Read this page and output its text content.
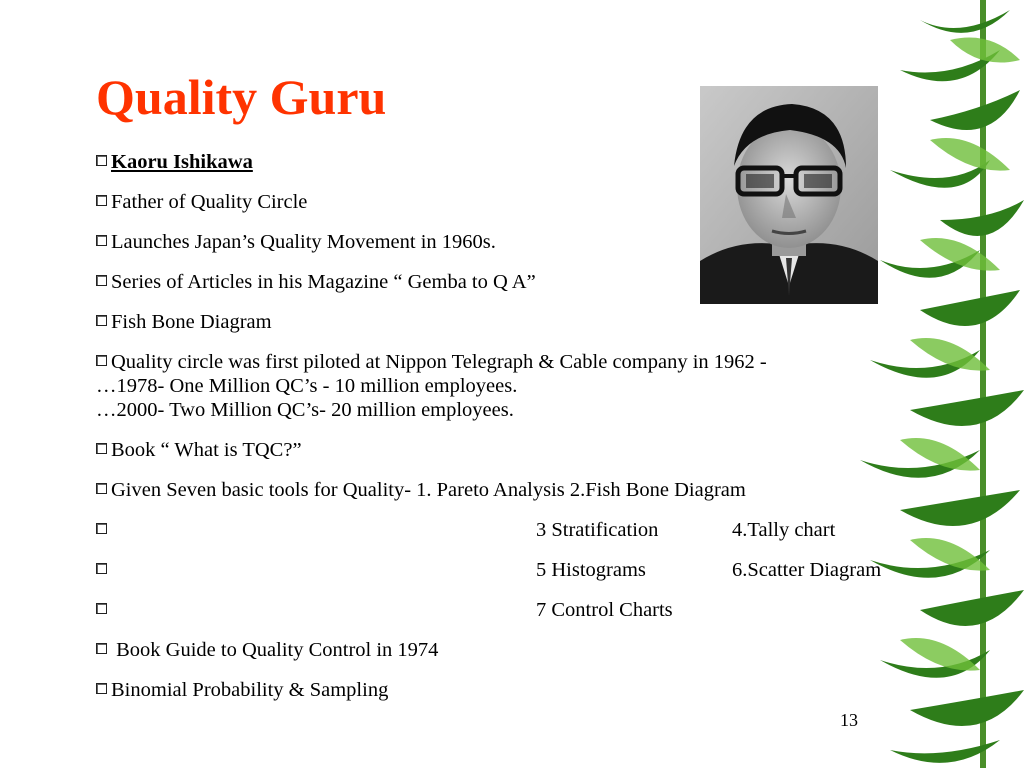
Quality Guru
Kaoru Ishikawa
Father of Quality Circle
Launches Japan’s Quality Movement in 1960s.
Series of Articles in his Magazine “ Gemba to Q A”
Fish Bone Diagram
Quality circle was first piloted at Nippon Telegraph & Cable company in 1962 -
…1978- One Million QC’s - 10 million employees.
…2000- Two Million QC’s- 20 million employees.
Book “ What is TQC?”
Given Seven basic tools for Quality- 1. Pareto Analysis 2.Fish Bone Diagram
3 Stratification	4.Tally chart
5 Histograms	6.Scatter Diagram
7 Control Charts
Book Guide to Quality Control in 1974
Binomial Probability & Sampling
13
